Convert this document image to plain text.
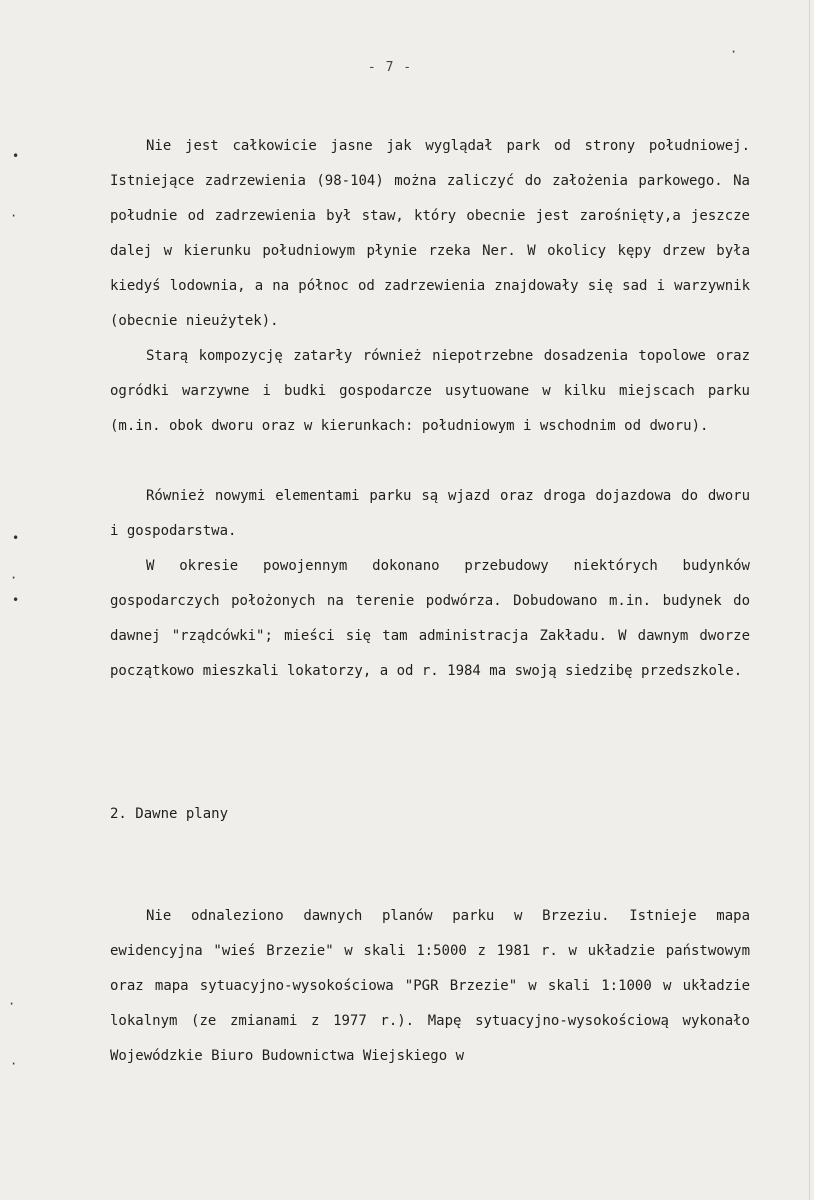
- 7 -

Nie jest całkowicie jasne jak wyglądał park od strony południowej. Istniejące zadrzewienia (98-104) można zaliczyć do założenia parkowego. Na południe od zadrzewienia był staw, który obecnie jest zarośnięty,a jeszcze dalej w kierunku południowym płynie rzeka Ner. W okolicy kępy drzew była kiedyś lodownia, a na północ od zadrzewienia znajdowały się sad i warzywnik (obecnie nieużytek).

Starą kompozycję zatarły również niepotrzebne dosadzenia topolowe oraz ogródki warzywne i budki gospodarcze usytuowane w kilku miejscach parku (m.in. obok dworu oraz w kierunkach: południowym i wschodnim od dworu).

Również nowymi elementami parku są wjazd oraz droga dojazdowa do dworu i gospodarstwa.

W okresie powojennym dokonano przebudowy niektórych budynków gospodarczych położonych na terenie podwórza. Dobudowano m.in. budynek do dawnej "rządcówki"; mieści się tam administracja Zakładu. W dawnym dworze początkowo mieszkali lokatorzy, a od r. 1984 ma swoją siedzibę przedszkole.

2. Dawne plany

Nie odnaleziono dawnych planów parku w Brzeziu. Istnieje mapa ewidencyjna "wieś Brzezie" w skali 1:5000 z 1981 r. w układzie państwowym oraz mapa sytuacyjno-wysokościowa "PGR Brzezie" w skali 1:1000 w układzie lokalnym (ze zmianami z 1977 r.). Mapę sytuacyjno-wysokościową wykonało Wojewódzkie Biuro Budownictwa Wiejskiego w

•
·
•
·
•
·
·
·
